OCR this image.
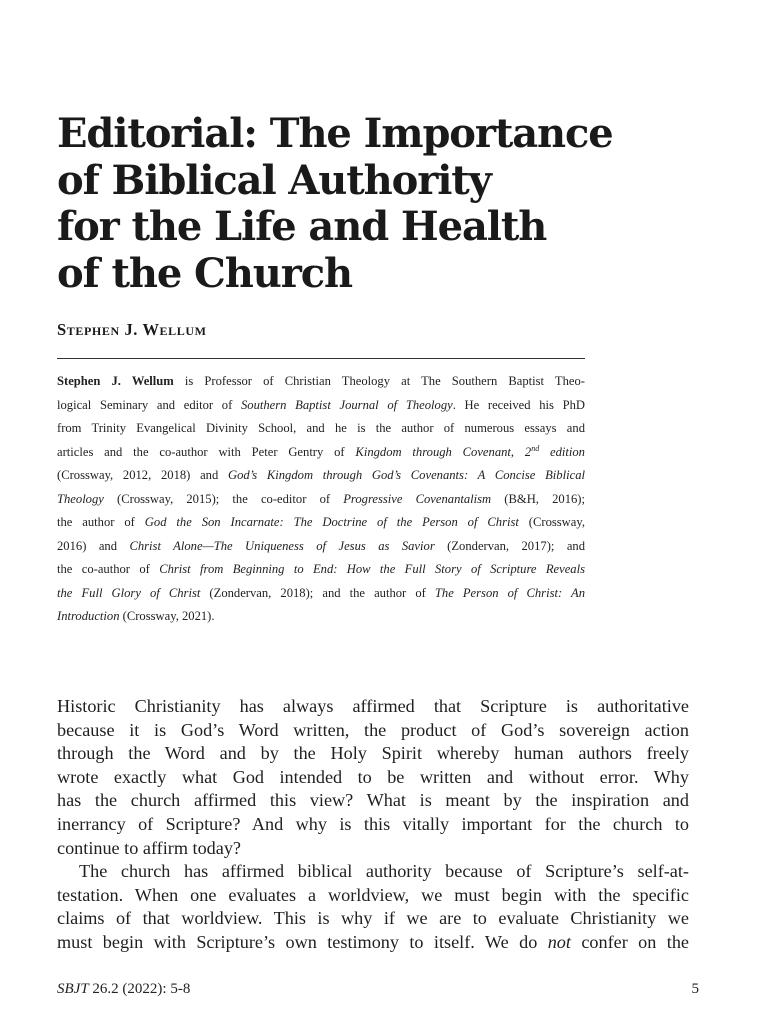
Editorial: The Importance
of Biblical Authority
for the Life and Health
of the Church
Stephen J. Wellum
Stephen J. Wellum is Professor of Christian Theology at The Southern Baptist Theo-
logical Seminary and editor of Southern Baptist Journal of Theology. He received his PhD
from Trinity Evangelical Divinity School, and he is the author of numerous essays and
articles and the co-author with Peter Gentry of Kingdom through Covenant, 2nd edition
(Crossway, 2012, 2018) and God’s Kingdom through God’s Covenants: A Concise Biblical
Theology (Crossway, 2015); the co-editor of Progressive Covenantalism (B&H, 2016);
the author of God the Son Incarnate: The Doctrine of the Person of Christ (Crossway,
2016) and Christ Alone—The Uniqueness of Jesus as Savior (Zondervan, 2017); and
the co-author of Christ from Beginning to End: How the Full Story of Scripture Reveals
the Full Glory of Christ (Zondervan, 2018); and the author of The Person of Christ: An
Introduction (Crossway, 2021).
Historic Christianity has always affirmed that Scripture is authoritative
because it is God’s Word written, the product of God’s sovereign action
through the Word and by the Holy Spirit whereby human authors freely
wrote exactly what God intended to be written and without error. Why
has the church affirmed this view? What is meant by the inspiration and
inerrancy of Scripture? And why is this vitally important for the church to
continue to affirm today?
The church has affirmed biblical authority because of Scripture’s self-at-
testation. When one evaluates a worldview, we must begin with the specific
claims of that worldview. This is why if we are to evaluate Christianity we
must begin with Scripture’s own testimony to itself. We do not confer on the
SBJT 26.2 (2022): 5-8	5
